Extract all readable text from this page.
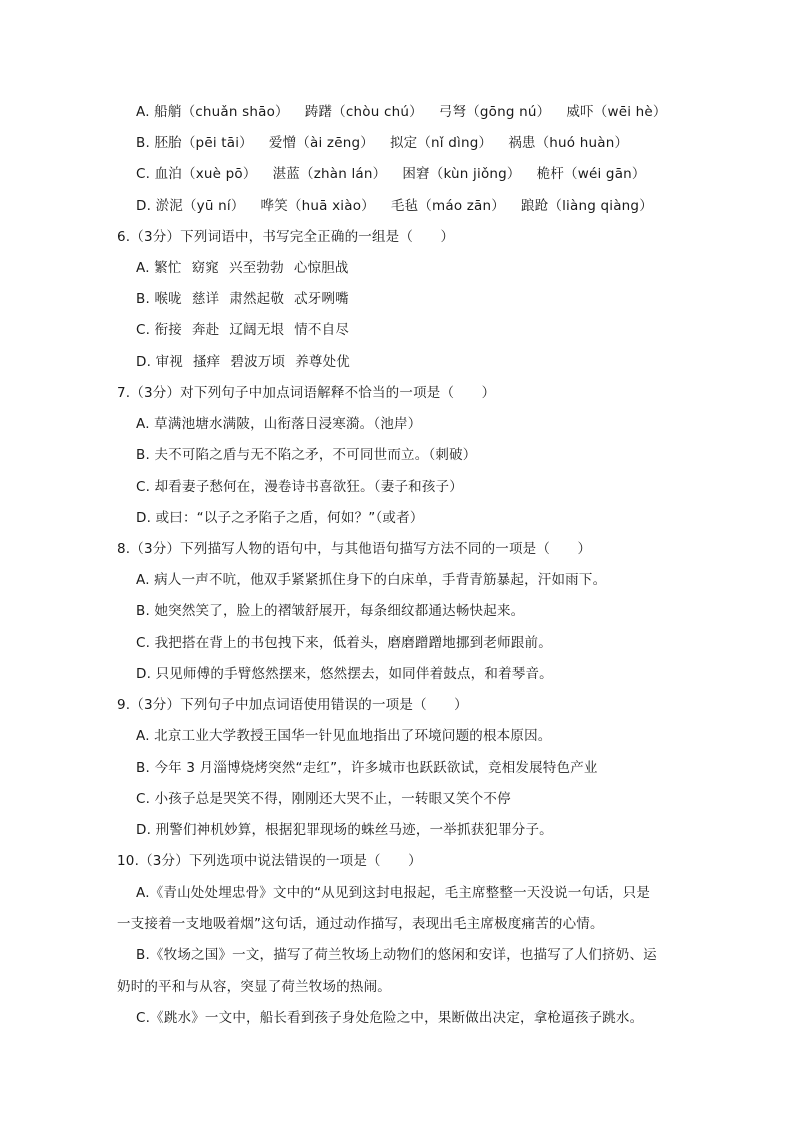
A. 船艄（chuǎn shāo） 踌躇（chòu chú） 弓弩（gōng nú） 威吓（wēi hè）
B. 胚胎（pēi tāi） 爱憎（ài zēng） 拟定（nǐ dìng） 祸患（huó huàn）
C. 血泊（xuè pō） 湛蓝（zhàn lán） 困窘（kùn jiǒng） 桅杆（wéi gān）
D. 淤泥（yū ní） 哗笑（huā xiào） 毛毡（máo zān） 踉跄（liàng qiàng）
6.（3分）下列词语中，书写完全正确的一组是（　　）
A. 繁忙 窈窕 兴至勃勃 心惊胆战
B. 喉咙 慈详 肃然起敬 忒牙咧嘴
C. 衔接 奔赴 辽阔无垠 情不自尽
D. 审视 搔痒 碧波万顷 养尊处优
7.（3分）对下列句子中加点词语解释不恰当的一项是（　　）
A. 草满池塘水满陂，山衔落日浸寒漪。（池岸）
B. 夫不可陷之盾与无不陷之矛，不可同世而立。（刺破）
C. 却看妻子愁何在，漫卷诗书喜欲狂。（妻子和孩子）
D. 或曰：“以子之矛陷子之盾，何如？”（或者）
8.（3分）下列描写人物的语句中，与其他语句描写方法不同的一项是（　　）
A. 病人一声不吭，他双手紧紧抓住身下的白床单，手背青筋暴起，汗如雨下。
B. 她突然笑了，脸上的褶皱舒展开，每条细纹都通达畅快起来。
C. 我把搭在背上的书包拽下来，低着头，磨磨蹭蹭地挪到老师跟前。
D. 只见师傅的手臂悠然摆来，悠然摆去，如同伴着鼓点，和着琴音。
9.（3分）下列句子中加点词语使用错误的一项是（　　）
A. 北京工业大学教授王国华一针见血地指出了环境问题的根本原因。
B. 今年 3 月淄博烧烤突然“走红”，许多城市也跃跃欲试，竞相发展特色产业
C. 小孩子总是哭笑不得，刚刚还大哭不止，一转眼又笑个不停
D. 刑警们神机妙算，根据犯罪现场的蛛丝马迹，一举抓获犯罪分子。
10.（3分）下列选项中说法错误的一项是（　　）
A.《青山处处埋忠骨》文中的“从见到这封电报起，毛主席整整一天没说一句话，只是
一支接着一支地吸着烟”这句话，通过动作描写，表现出毛主席极度痛苦的心情。
B.《牧场之国》一文，描写了荷兰牧场上动物们的悠闲和安详，也描写了人们挤奶、运
奶时的平和与从容，突显了荷兰牧场的热闹。
C.《跳水》一文中，船长看到孩子身处危险之中，果断做出决定，拿枪逼孩子跳水。
